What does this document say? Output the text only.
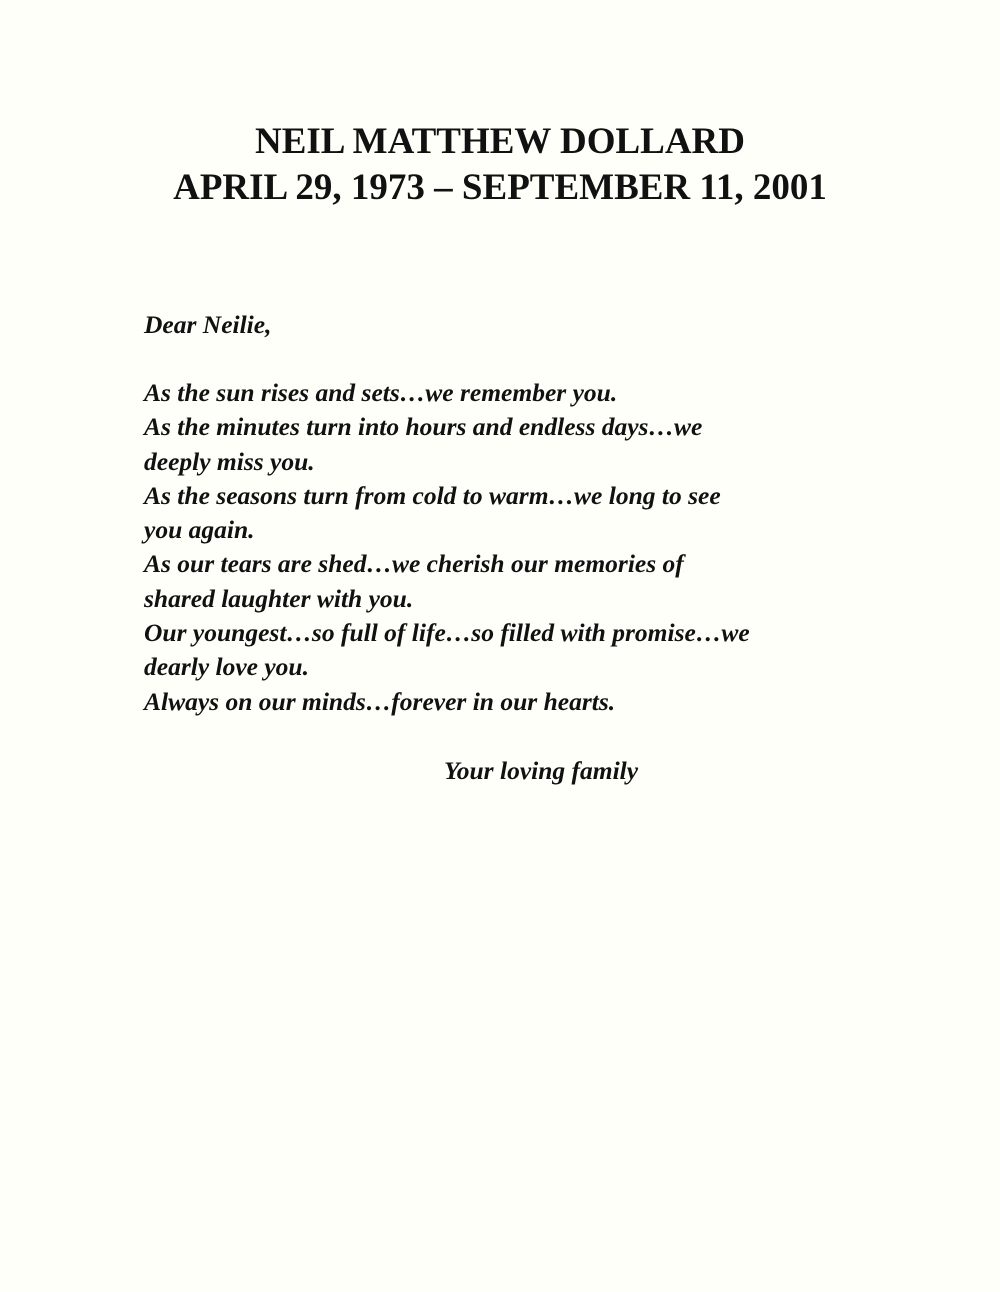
NEIL MATTHEW DOLLARD
APRIL 29, 1973 – SEPTEMBER 11, 2001
Dear Neilie,
As the sun rises and sets…we remember you.
As the minutes turn into hours and endless days…we
deeply miss you.
As the seasons turn from cold to warm…we long to see
you again.
As our tears are shed…we cherish our memories of
shared laughter with you.
Our youngest…so full of life…so filled with promise…we
dearly love you.
Always on our minds…forever in our hearts.
Your loving family
